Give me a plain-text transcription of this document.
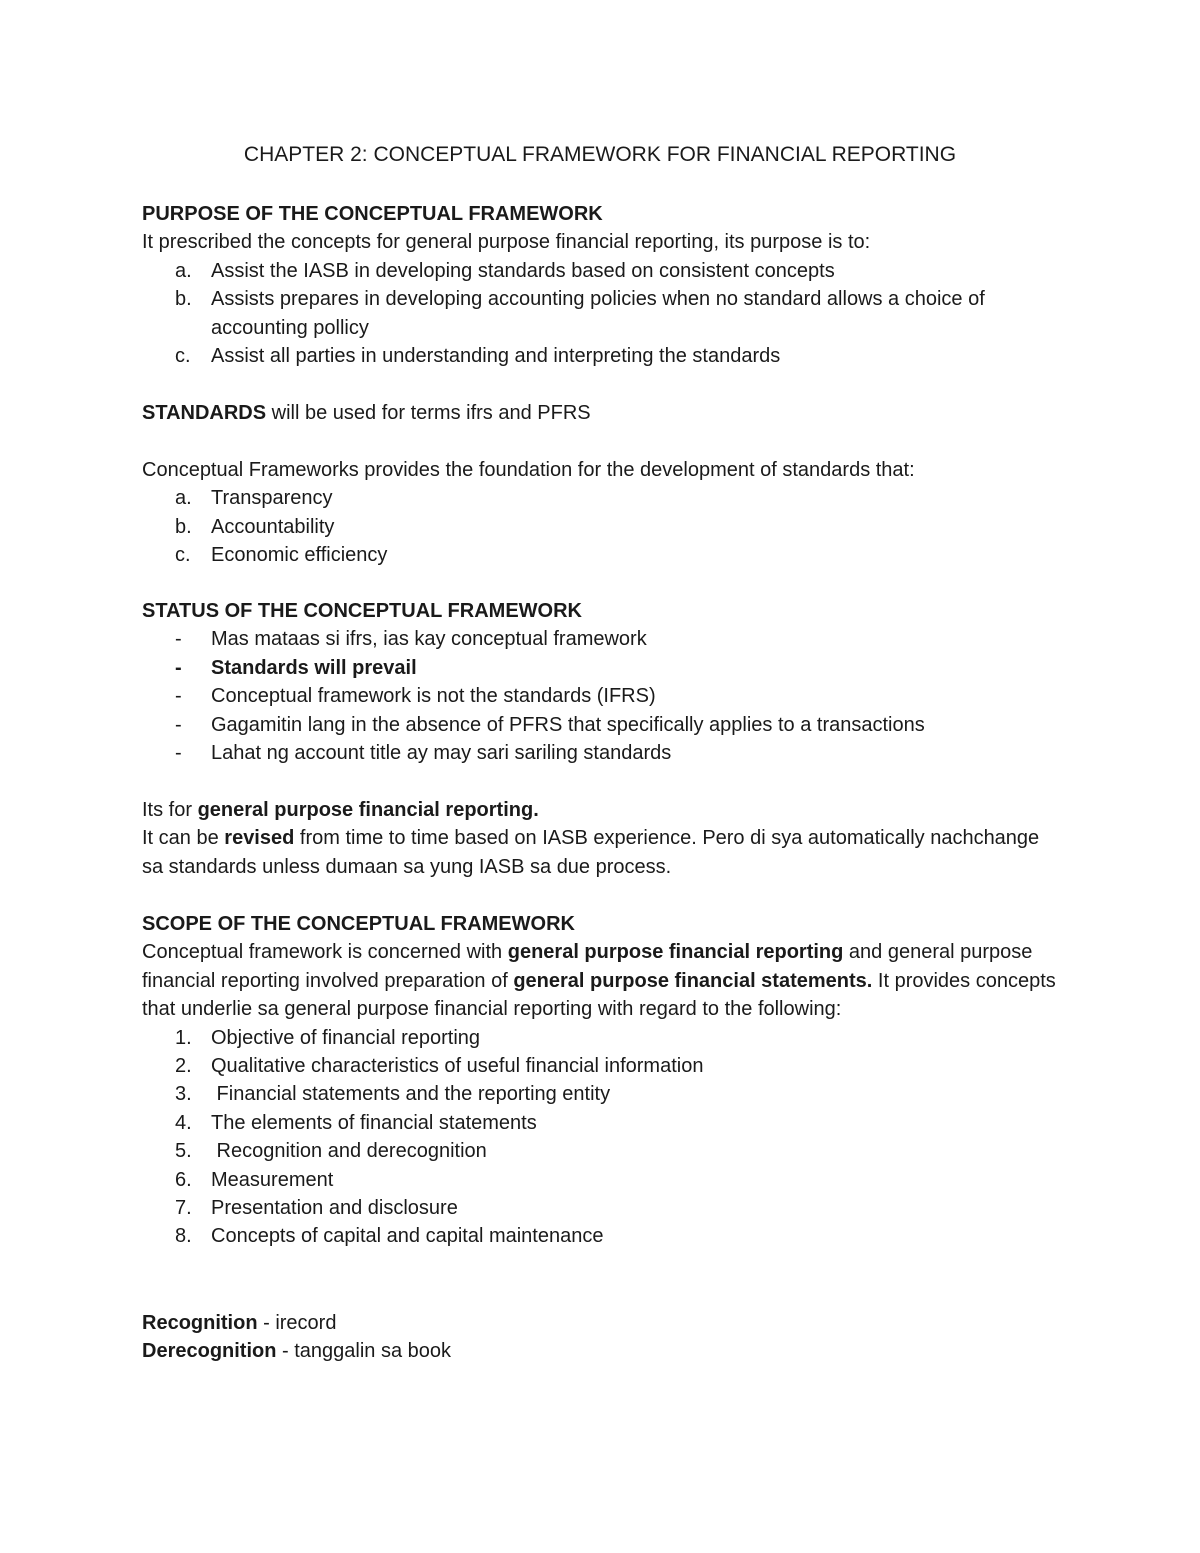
CHAPTER 2: CONCEPTUAL FRAMEWORK FOR FINANCIAL REPORTING

PURPOSE OF THE CONCEPTUAL FRAMEWORK

It prescribed the concepts for general purpose financial reporting, its purpose is to:

a. Assist the IASB in developing standards based on consistent concepts
b. Assists prepares in developing accounting policies when no standard allows a choice of accounting pollicy
c.	Assist all parties in understanding and interpreting the standards

STANDARDS will be used for terms ifrs and PFRS

Conceptual Frameworks provides the foundation for the development of standards that:

a. Transparency
b. Accountability
c.	Economic efficiency

STATUS OF THE CONCEPTUAL FRAMEWORK

-	Mas mataas si ifrs, ias kay conceptual framework
-	Standards will prevail
-	Conceptual framework is not the standards (IFRS)
-	Gagamitin lang in the absence of PFRS that specifically applies to a transactions
-	Lahat ng account title ay may sari sariling standards

Its for general purpose financial reporting.

It can be revised from time to time based on IASB experience. Pero di sya automatically nachchange sa standards unless dumaan sa yung IASB sa due process.

SCOPE OF THE CONCEPTUAL FRAMEWORK

Conceptual framework is concerned with general purpose financial reporting and general purpose financial reporting involved preparation of general purpose financial statements. It provides concepts that underlie sa general purpose financial reporting with regard to the following:

1. Objective of financial reporting
2. Qualitative characteristics of useful financial information
3. Financial statements and the reporting entity
4. The elements of financial statements
5. Recognition and derecognition
6. Measurement
7. Presentation and disclosure
8. Concepts of capital and capital maintenance

Recognition - irecord

Derecognition - tanggalin sa book
